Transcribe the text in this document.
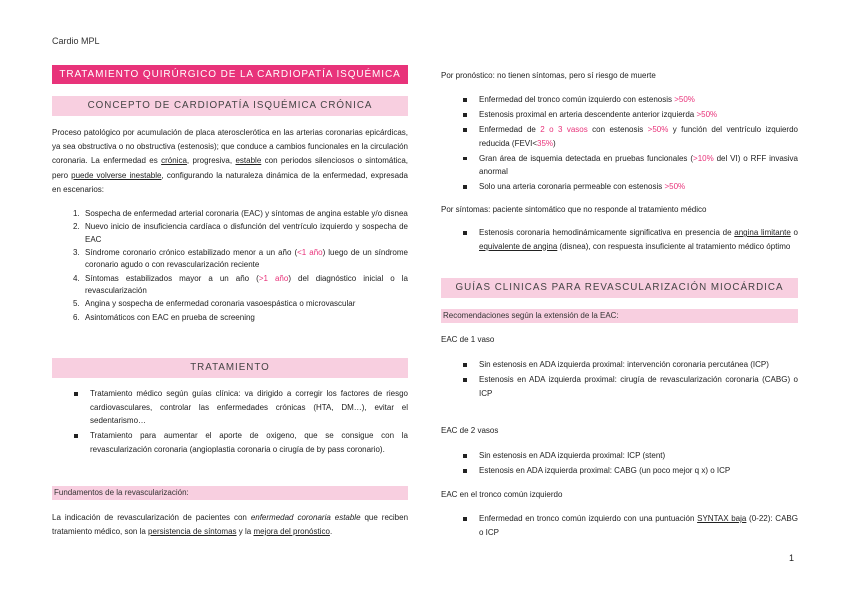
Cardio MPL
TRATAMIENTO QUIRÚRGICO DE LA CARDIOPATÍA ISQUÉMICA
CONCEPTO DE CARDIOPATÍA ISQUÉMICA CRÓNICA
Proceso patológico por acumulación de placa aterosclerótica en las arterias coronarias epicárdicas, ya sea obstructiva o no obstructiva (estenosis); que conduce a cambios funcionales en la circulación coronaria. La enfermedad es crónica, progresiva, estable con periodos silenciosos o sintomática, pero puede volverse inestable, configurando la naturaleza dinámica de la enfermedad, expresada en escenarios:
1. Sospecha de enfermedad arterial coronaria (EAC) y síntomas de angina estable y/o disnea
2. Nuevo inicio de insuficiencia cardíaca o disfunción del ventrículo izquierdo y sospecha de EAC
3. Síndrome coronario crónico estabilizado menor a un año (<1 año) luego de un síndrome coronario agudo o con revascularización reciente
4. Síntomas estabilizados mayor a un año (>1 año) del diagnóstico inicial o la revascularización
5. Angina y sospecha de enfermedad coronaria vasoespástica o microvascular
6. Asintomáticos con EAC en prueba de screening
TRATAMIENTO
Tratamiento médico según guías clínica: va dirigido a corregir los factores de riesgo cardiovasculares, controlar las enfermedades crónicas (HTA, DM…), evitar el sedentarismo…
Tratamiento para aumentar el aporte de oxigeno, que se consigue con la revascularización coronaria (angioplastia coronaria o cirugía de by pass coronario).
Fundamentos de la revascularización:
La indicación de revascularización de pacientes con enfermedad coronaria estable que reciben tratamiento médico, son la persistencia de síntomas y la mejora del pronóstico.
Por pronóstico: no tienen síntomas, pero sí riesgo de muerte
Enfermedad del tronco común izquierdo con estenosis >50%
Estenosis proximal en arteria descendente anterior izquierda >50%
Enfermedad de 2 o 3 vasos con estenosis >50% y función del ventrículo izquierdo reducida (FEVI<35%)
Gran área de isquemia detectada en pruebas funcionales (>10% del VI) o RFF invasiva anormal
Solo una arteria coronaria permeable con estenosis >50%
Por síntomas: paciente sintomático que no responde al tratamiento médico
Estenosis coronaria hemodinámicamente significativa en presencia de angina limitante o equivalente de angina (disnea), con respuesta insuficiente al tratamiento médico óptimo
GUÍAS CLINICAS PARA REVASCULARIZACIÓN MIOCÁRDICA
Recomendaciones según la extensión de la EAC:
EAC de 1 vaso
Sin estenosis en ADA izquierda proximal: intervención coronaria percutánea (ICP)
Estenosis en ADA izquierda proximal: cirugía de revascularización coronaria (CABG) o ICP
EAC de 2 vasos
Sin estenosis en ADA izquierda proximal: ICP (stent)
Estenosis en ADA izquierda proximal: CABG (un poco mejor q x) o ICP
EAC en el tronco común izquierdo
Enfermedad en tronco común izquierdo con una puntuación SYNTAX baja (0-22): CABG o ICP
1
